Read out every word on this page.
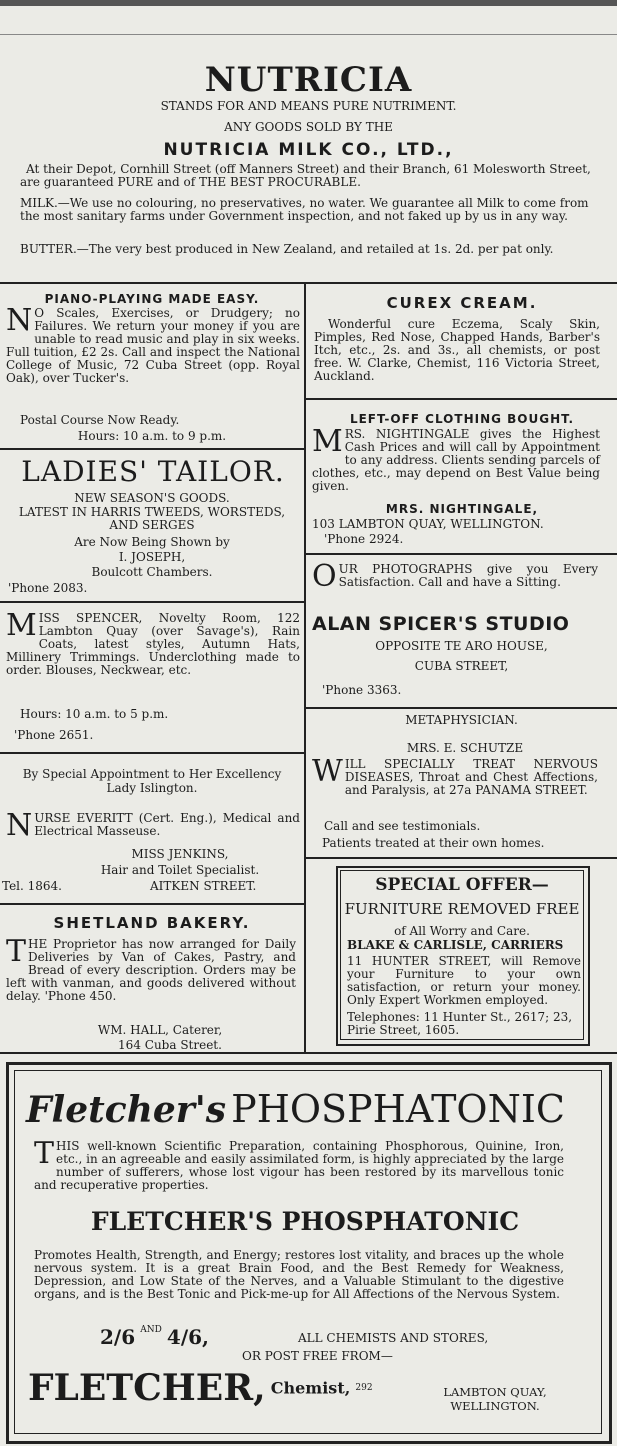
NUTRICIA
STANDS FOR AND MEANS PURE NUTRIMENT.
ANY GOODS SOLD BY THE
NUTRICIA MILK CO., LTD.,
At their Depot, Cornhill Street (off Manners Street) and their Branch, 61 Molesworth Street, are guaranteed PURE and of THE BEST PROCURABLE.
MILK.—We use no colouring, no preservatives, no water. We guarantee all Milk to come from the most sanitary farms under Government inspection, and not faked up by us in any way.
BUTTER.—The very best produced in New Zealand, and retailed at 1s. 2d. per pat only.
PIANO-PLAYING MADE EASY.
N O Scales, Exercises, or Drudgery; no Failures. We return your money if you are unable to read music and play in six weeks. Full tuition, £2 2s. Call and inspect the National College of Music, 72 Cuba Street (opp. Royal Oak), over Tucker's.
Postal Course Now Ready.
Hours: 10 a.m. to 9 p.m.
LADIES' TAILOR.
NEW SEASON'S GOODS.
LATEST IN HARRIS TWEEDS, WORSTEDS, AND SERGES
Are Now Being Shown by
I. JOSEPH,
Boulcott Chambers.
'Phone 2083.
MISS SPENCER, Novelty Room, 122 Lambton Quay (over Savage's), Rain Coats, latest styles, Autumn Hats, Millinery Trimmings. Underclothing made to order. Blouses, Neckwear, etc.
Hours: 10 a.m. to 5 p.m.
'Phone 2651.
By Special Appointment to Her Excellency
Lady Islington.
NURSE EVERITT (Cert. Eng.), Medical and Electrical Masseuse.
MISS JENKINS,
Hair and Toilet Specialist.
Tel. 1864.	AITKEN STREET.
SHETLAND BAKERY.
THE Proprietor has now arranged for Daily Deliveries by Van of Cakes, Pastry, and Bread of every description. Orders may be left with vanman, and goods delivered without delay. 'Phone 450.
WM. HALL, Caterer,
164 Cuba Street.
CUREX CREAM.
Wonderful cure Eczema, Scaly Skin, Pimples, Red Nose, Chapped Hands, Barber's Itch, etc., 2s. and 3s., all chemists, or post free. W. Clarke, Chemist, 116 Victoria Street, Auckland.
LEFT-OFF CLOTHING BOUGHT.
MRS. NIGHTINGALE gives the Highest Cash Prices and will call by Appointment to any address. Clients sending parcels of clothes, etc., may depend on Best Value being given.
MRS. NIGHTINGALE,
103 LAMBTON QUAY, WELLINGTON.
'Phone 2924.
OUR PHOTOGRAPHS give you Every Satisfaction. Call and have a Sitting.
ALAN SPICER'S STUDIO
OPPOSITE TE ARO HOUSE,
CUBA STREET,
'Phone 3363.
METAPHYSICIAN.
MRS. E. SCHUTZE
WILL SPECIALLY TREAT NERVOUS DISEASES, Throat and Chest Affections, and Paralysis, at 27a PANAMA STREET.
Call and see testimonials.
Patients treated at their own homes.
SPECIAL OFFER—
FURNITURE REMOVED FREE
of All Worry and Care.
BLAKE & CARLISLE, CARRIERS
11 HUNTER STREET, will Remove your Furniture to your own satisfaction, or return your money. Only Expert Workmen employed.
Telephones: 11 Hunter St., 2617; 23, Pirie Street, 1605.
Fletcher's PHOSPHATONIC
THIS well-known Scientific Preparation, containing Phosphorous, Quinine, Iron, etc., in an agreeable and easily assimilated form, is highly appreciated by the large number of sufferers, whose lost vigour has been restored by its marvellous tonic and recuperative properties.
FLETCHER'S PHOSPHATONIC
Promotes Health, Strength, and Energy; restores lost vitality, and braces up the whole nervous system. It is a great Brain Food, and the Best Remedy for Weakness, Depression, and Low State of the Nerves, and a Valuable Stimulant to the digestive organs, and is the Best Tonic and Pick-me-up for All Affections of the Nervous System.
2/6 $^{AND}$ 4/6,	ALL CHEMISTS AND STORES,
OR POST FREE FROM—
FLETCHER, Chemist, 292	LAMBTON QUAY,
WELLINGTON.
